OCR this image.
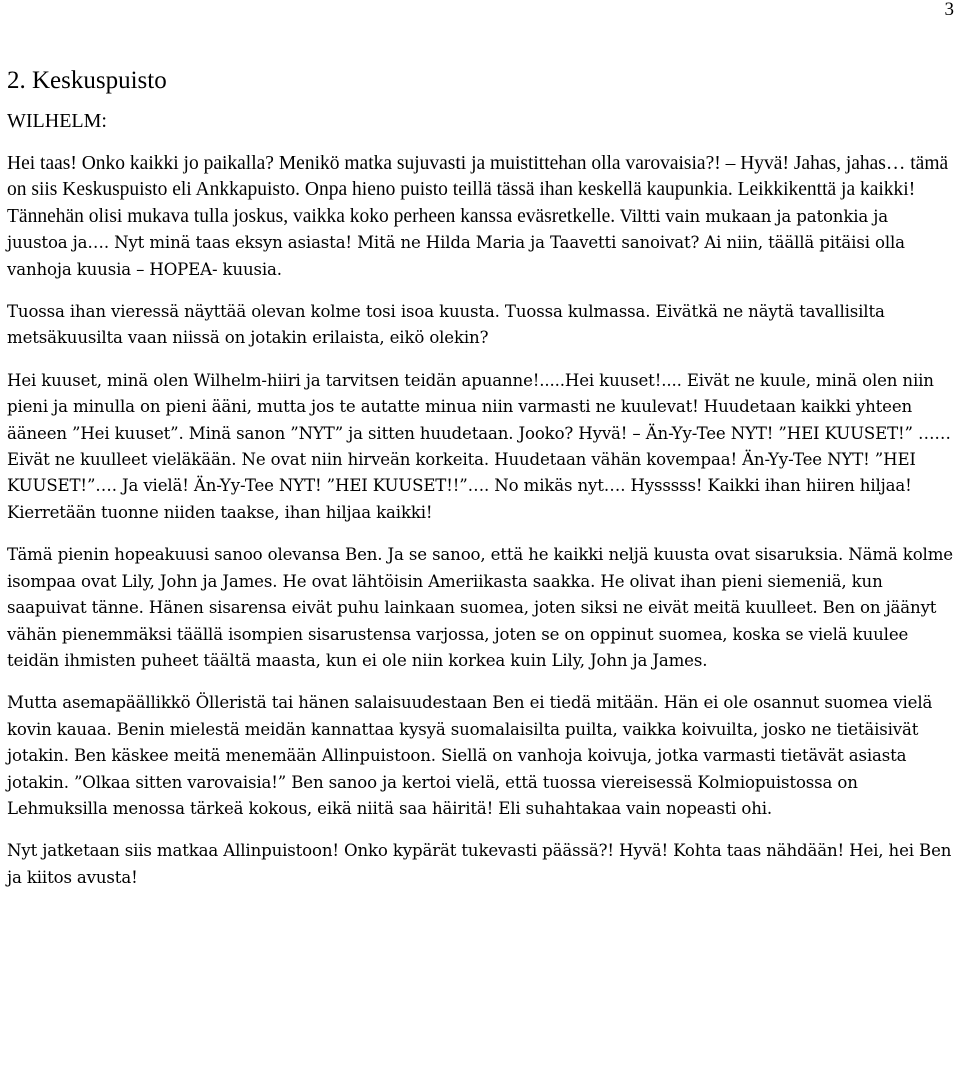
3
2. Keskuspuisto
WILHELM:

Hei taas! Onko kaikki jo paikalla? Menikö matka sujuvasti ja muistittehan olla varovaisia?! – Hyvä! Jahas, jahas… tämä on siis Keskuspuisto eli Ankkapuisto. Onpa hieno puisto teillä tässä ihan keskellä kaupunkia. Leikkikenttä ja kaikki! Tännehän olisi mukava tulla joskus, vaikka koko perheen kanssa eväsretkelle. Viltti vain mukaan ja patonkia ja juustoa ja…. Nyt minä taas eksyn asiasta! Mitä ne Hilda Maria ja Taavetti sanoivat? Ai niin, täällä pitäisi olla vanhoja kuusia – HOPEA- kuusia.

Tuossa ihan vieressä näyttää olevan kolme tosi isoa kuusta. Tuossa kulmassa. Eivätkä ne näytä tavallisilta metsäkuusilta vaan niissä on jotakin erilaista, eikö olekin?

Hei kuuset, minä olen Wilhelm-hiiri ja tarvitsen teidän apuanne!.....Hei kuuset!.... Eivät ne kuule, minä olen niin pieni ja minulla on pieni ääni, mutta jos te autatte minua niin varmasti ne kuulevat! Huudetaan kaikki yhteen ääneen ”Hei kuuset”. Minä sanon ”NYT” ja sitten huudetaan. Jooko? Hyvä! – Än-Yy-Tee NYT! ”HEI KUUSET!” …… Eivät ne kuulleet vieläkään. Ne ovat niin hirveän korkeita. Huudetaan vähän kovempaa! Än-Yy-Tee NYT! ”HEI KUUSET!”…. Ja vielä! Än-Yy-Tee NYT! ”HEI KUUSET!!”…. No mikäs nyt…. Hysssss! Kaikki ihan hiiren hiljaa! Kierretään tuonne niiden taakse, ihan hiljaa kaikki!

Tämä pienin hopeakuusi sanoo olevansa Ben. Ja se sanoo, että he kaikki neljä kuusta ovat sisaruksia. Nämä kolme isompaa ovat Lily, John ja James. He ovat lähtöisin Ameriikasta saakka. He olivat ihan pieni siemeniä, kun saapuivat tänne. Hänen sisarensa eivät puhu lainkaan suomea, joten siksi ne eivät meitä kuulleet. Ben on jäänyt vähän pienemmäksi täällä isompien sisarustensa varjossa, joten se on oppinut suomea, koska se vielä kuulee teidän ihmisten puheet täältä maasta, kun ei ole niin korkea kuin Lily, John ja James.

Mutta asemapäällikkö Ölleristä tai hänen salaisuudestaan Ben ei tiedä mitään. Hän ei ole osannut suomea vielä kovin kauaa. Benin mielestä meidän kannattaa kysyä suomalaisilta puilta, vaikka koivuilta, josko ne tietäisivät jotakin. Ben käskee meitä menemään Allinpuistoon. Siellä on vanhoja koivuja, jotka varmasti tietävät asiasta jotakin. ”Olkaa sitten varovaisia!” Ben sanoo ja kertoi vielä, että tuossa viereisessä Kolmiopuistossa on Lehmuksilla menossa tärkeä kokous, eikä niitä saa häiritä! Eli suhahtakaa vain nopeasti ohi.

Nyt jatketaan siis matkaa Allinpuistoon! Onko kypärät tukevasti päässä?! Hyvä! Kohta taas nähdään! Hei, hei Ben ja kiitos avusta!
